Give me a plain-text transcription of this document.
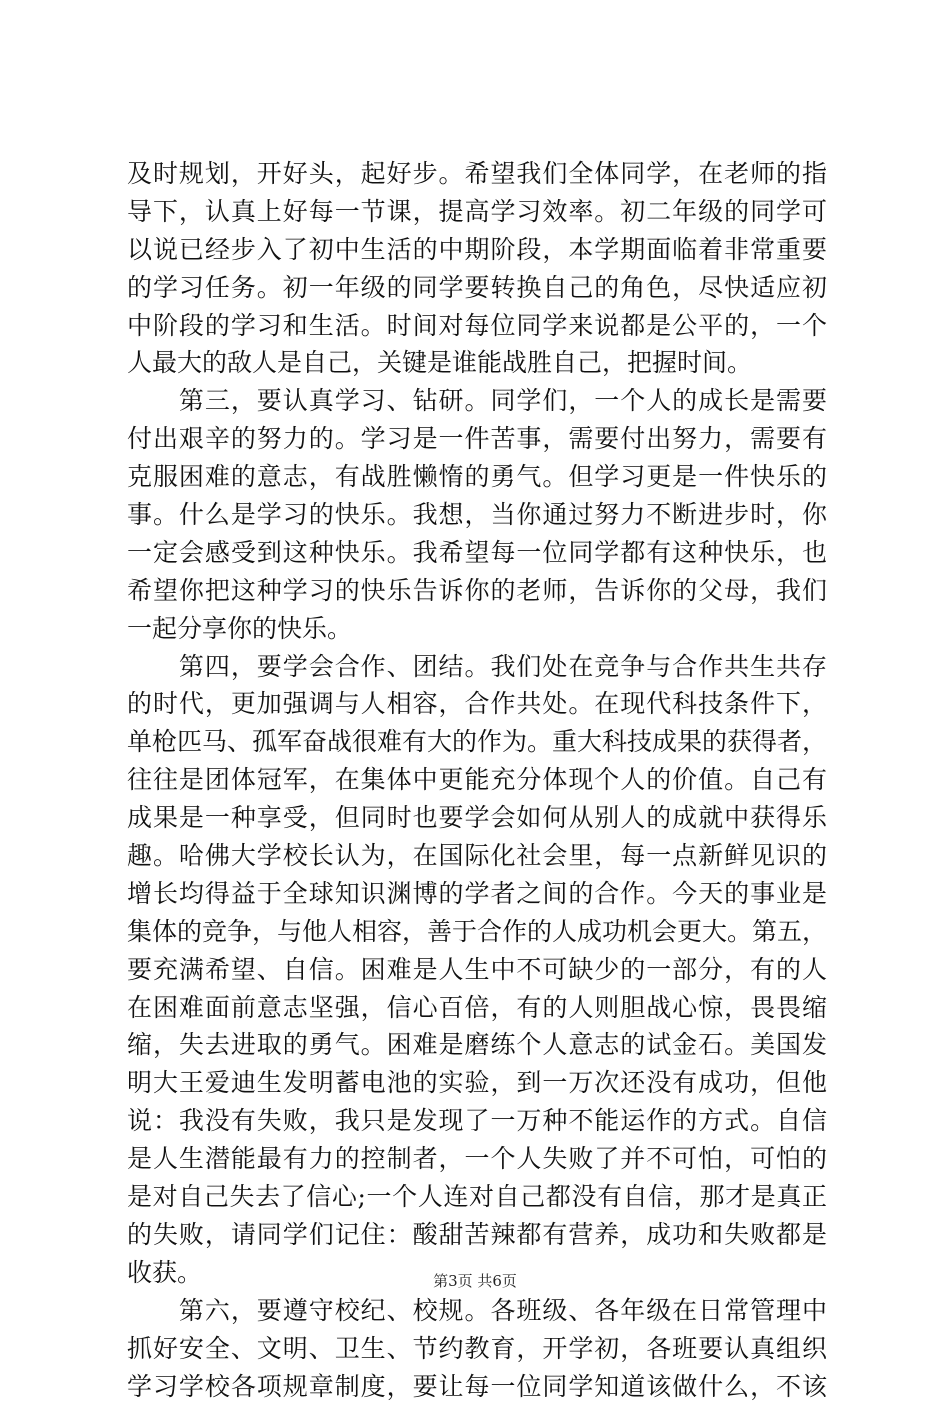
及时规划，开好头，起好步。希望我们全体同学，在老师的指
导下，认真上好每一节课，提高学习效率。初二年级的同学可
以说已经步入了初中生活的中期阶段，本学期面临着非常重要
的学习任务。初一年级的同学要转换自己的角色，尽快适应初
中阶段的学习和生活。时间对每位同学来说都是公平的，一个
人最大的敌人是自己，关键是谁能战胜自己，把握时间。
　　第三，要认真学习、钻研。同学们，一个人的成长是需要
付出艰辛的努力的。学习是一件苦事，需要付出努力，需要有
克服困难的意志，有战胜懒惰的勇气。但学习更是一件快乐的
事。什么是学习的快乐。我想，当你通过努力不断进步时，你
一定会感受到这种快乐。我希望每一位同学都有这种快乐，也
希望你把这种学习的快乐告诉你的老师，告诉你的父母，我们
一起分享你的快乐。
　　第四，要学会合作、团结。我们处在竞争与合作共生共存
的时代，更加强调与人相容，合作共处。在现代科技条件下，
单枪匹马、孤军奋战很难有大的作为。重大科技成果的获得者，
往往是团体冠军，在集体中更能充分体现个人的价值。自己有
成果是一种享受，但同时也要学会如何从别人的成就中获得乐
趣。哈佛大学校长认为，在国际化社会里，每一点新鲜见识的
增长均得益于全球知识渊博的学者之间的合作。今天的事业是
集体的竞争，与他人相容，善于合作的人成功机会更大。第五，
要充满希望、自信。困难是人生中不可缺少的一部分，有的人
在困难面前意志坚强，信心百倍，有的人则胆战心惊，畏畏缩
缩，失去进取的勇气。困难是磨练个人意志的试金石。美国发
明大王爱迪生发明蓄电池的实验，到一万次还没有成功，但他
说：我没有失败，我只是发现了一万种不能运作的方式。自信
是人生潜能最有力的控制者，一个人失败了并不可怕，可怕的
是对自己失去了信心;一个人连对自己都没有自信，那才是真正
的失败，请同学们记住：酸甜苦辣都有营养，成功和失败都是
收获。
　　第六，要遵守校纪、校规。各班级、各年级在日常管理中
抓好安全、文明、卫生、节约教育，开学初，各班要认真组织
学习学校各项规章制度，要让每一位同学知道该做什么，不该
第3页 共6页
